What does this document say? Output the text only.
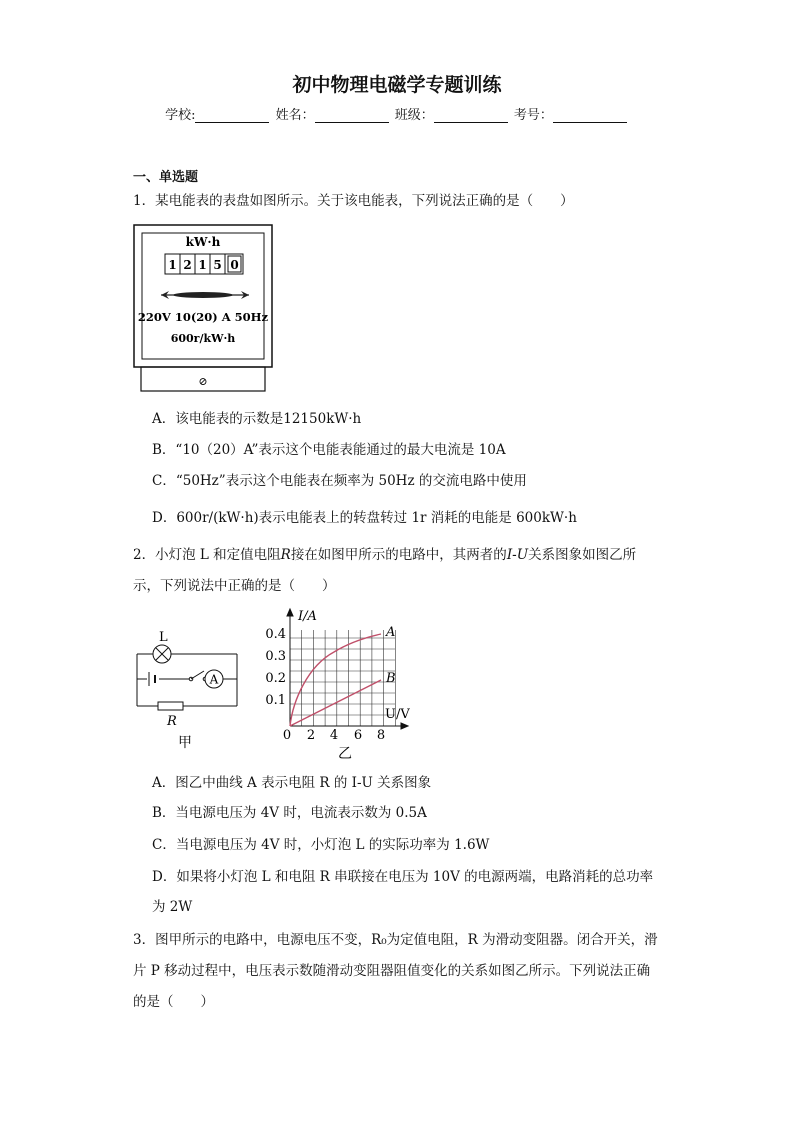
初中物理电磁学专题训练
学校:	姓名：	班级：	考号：
一、单选题
1．某电能表的表盘如图所示。关于该电能表，下列说法正确的是（　　）
kW·h
1 2 1 5 0
220V 10(20) A 50Hz
600r/kW·h
⊘
A．该电能表的示数是12150kW·h
B．“10（20）A”表示这个电能表能通过的最大电流是 10A
C．“50Hz”表示这个电能表在频率为 50Hz 的交流电路中使用
D．600r/(kW·h)表示电能表上的转盘转过 1r 消耗的电能是 600kW·h
2．小灯泡 L 和定值电阻R接在如图甲所示的电路中，其两者的I-U关系图象如图乙所示，下列说法中正确的是（　　）
L
A
R
甲
I/A
U/V
0 2 4 6 8
0.1
0.2
0.3
0.4	A
B
乙
A．图乙中曲线 A 表示电阻 R 的 I-U 关系图象
B．当电源电压为 4V 时，电流表示数为 0.5A
C．当电源电压为 4V 时，小灯泡 L 的实际功率为 1.6W
D．如果将小灯泡 L 和电阻 R 串联接在电压为 10V 的电源两端，电路消耗的总功率为 2W
3．图甲所示的电路中，电源电压不变，R₀为定值电阻，R 为滑动变阻器。闭合开关，滑片 P 移动过程中，电压表示数随滑动变阻器阻值变化的关系如图乙所示。下列说法正确的是（　　）
